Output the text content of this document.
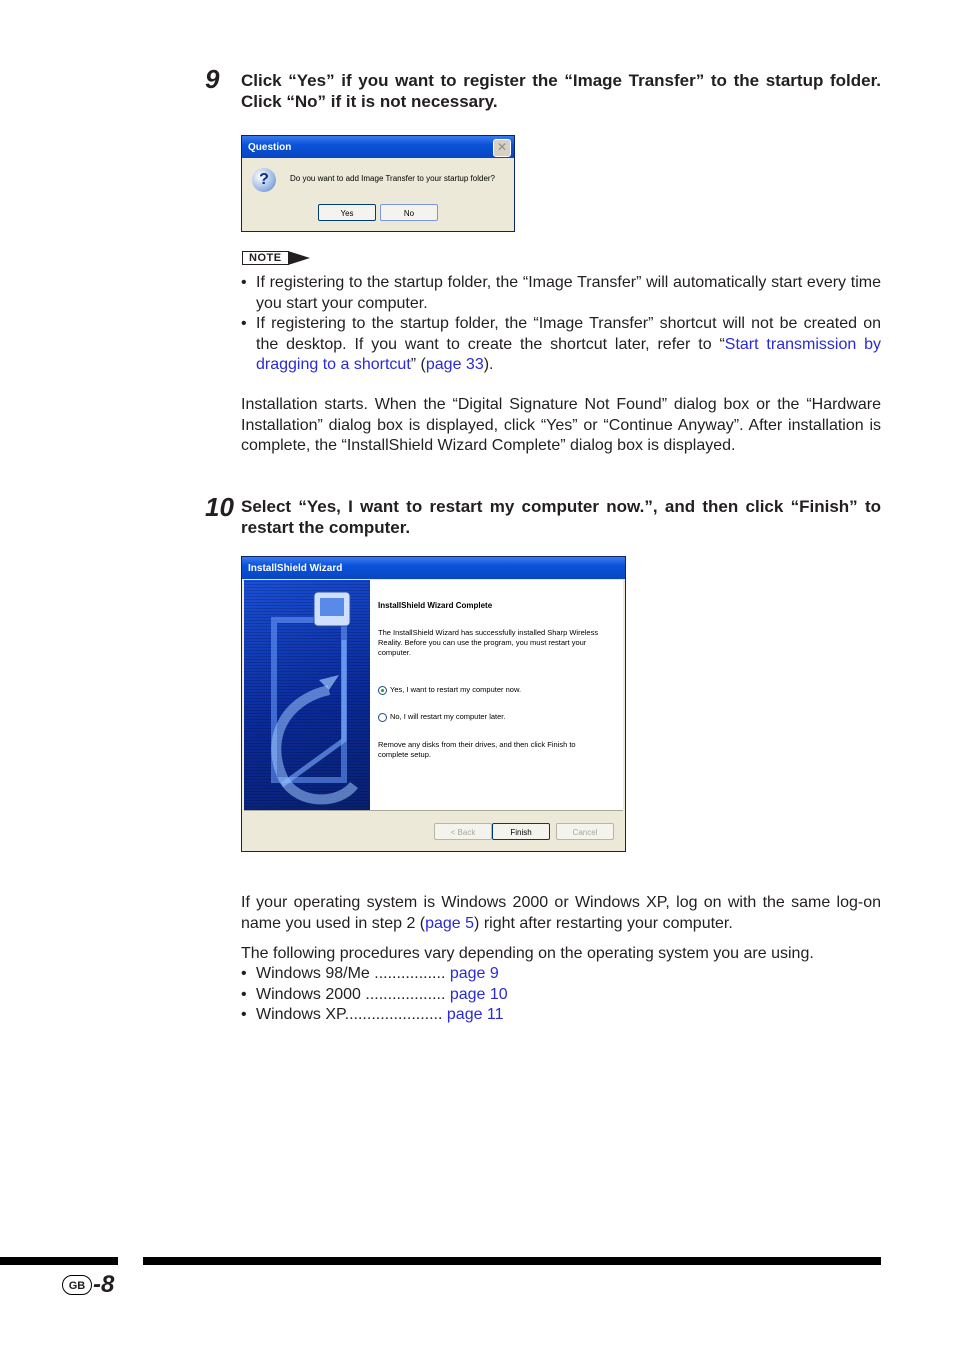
9 Click “Yes” if you want to register the “Image Transfer” to the startup folder. Click “No” if it is not necessary.
Question	✕
?	Do you want to add Image Transfer to your startup folder?
Yes	No
NOTE
• If registering to the startup folder, the “Image Transfer” will automatically start every time you start your computer.
• If registering to the startup folder, the “Image Transfer” shortcut will not be created on the desktop. If you want to create the shortcut later, refer to “Start transmission by dragging to a shortcut” (page 33).
Installation starts. When the “Digital Signature Not Found” dialog box or the “Hardware Installation” dialog box is displayed, click “Yes” or “Continue Anyway”. After installation is complete, the “InstallShield Wizard Complete” dialog box is displayed.
10 Select “Yes, I want to restart my computer now.”, and then click “Finish” to restart the computer.
InstallShield Wizard
InstallShield Wizard Complete
The InstallShield Wizard has successfully installed Sharp Wireless Reality. Before you can use the program, you must restart your computer.
Yes, I want to restart my computer now.
No, I will restart my computer later.
Remove any disks from their drives, and then click Finish to complete setup.
< Back	Finish	Cancel
If your operating system is Windows 2000 or Windows XP, log on with the same log-on name you used in step 2 (page 5) right after restarting your computer.
The following procedures vary depending on the operating system you are using.
• Windows 98/Me ................ page 9
• Windows 2000 .................. page 10
• Windows XP...................... page 11
GB -8
